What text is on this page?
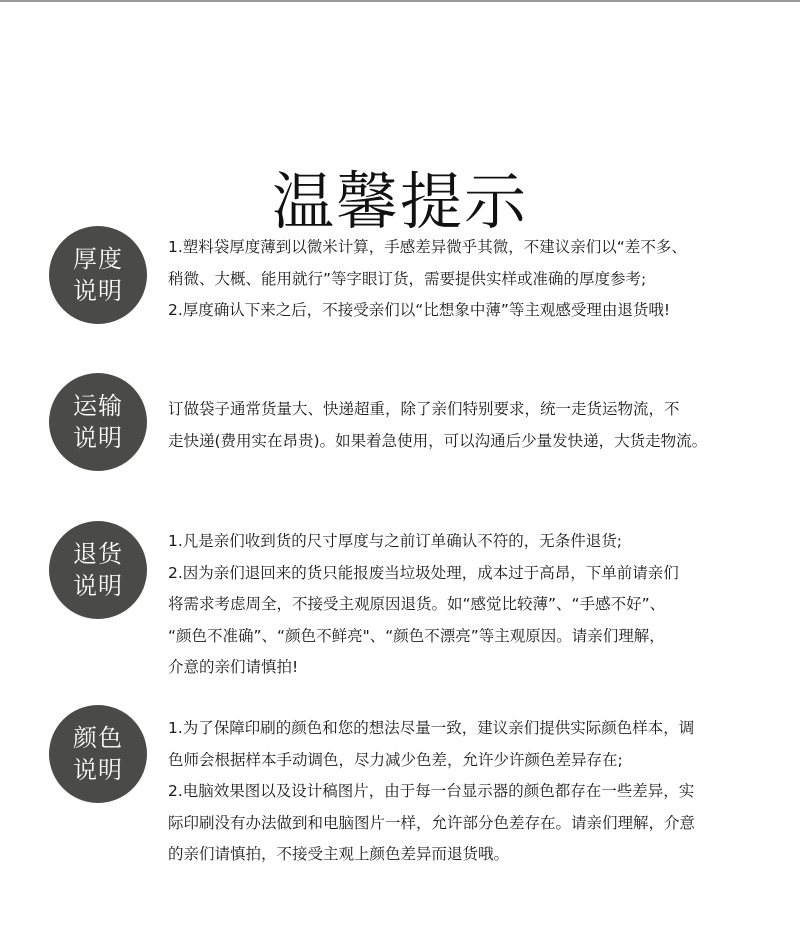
温馨提示
厚度
说明
1.塑料袋厚度薄到以微米计算，手感差异微乎其微，不建议亲们以“差不多、
稍微、大概、能用就行”等字眼订货，需要提供实样或准确的厚度参考;
2.厚度确认下来之后，不接受亲们以“比想象中薄”等主观感受理由退货哦!
运输
说明
订做袋子通常货量大、快递超重，除了亲们特别要求，统一走货运物流，不
走快递(费用实在昂贵)。如果着急使用，可以沟通后少量发快递，大货走物流。
退货
说明
1.凡是亲们收到货的尺寸厚度与之前订单确认不符的，无条件退货;
2.因为亲们退回来的货只能报废当垃圾处理，成本过于高昂，下单前请亲们
将需求考虑周全，不接受主观原因退货。如“感觉比较薄”、“手感不好”、
“颜色不准确”、“颜色不鲜亮"、“颜色不漂亮”等主观原因。请亲们理解，
介意的亲们请慎拍!
颜色
说明
1.为了保障印刷的颜色和您的想法尽量一致，建议亲们提供实际颜色样本，调
色师会根据样本手动调色，尽力减少色差，允许少许颜色差异存在;
2.电脑效果图以及设计稿图片，由于每一台显示器的颜色都存在一些差异，实
际印刷没有办法做到和电脑图片一样，允许部分色差存在。请亲们理解，介意
的亲们请慎拍，不接受主观上颜色差异而退货哦。
